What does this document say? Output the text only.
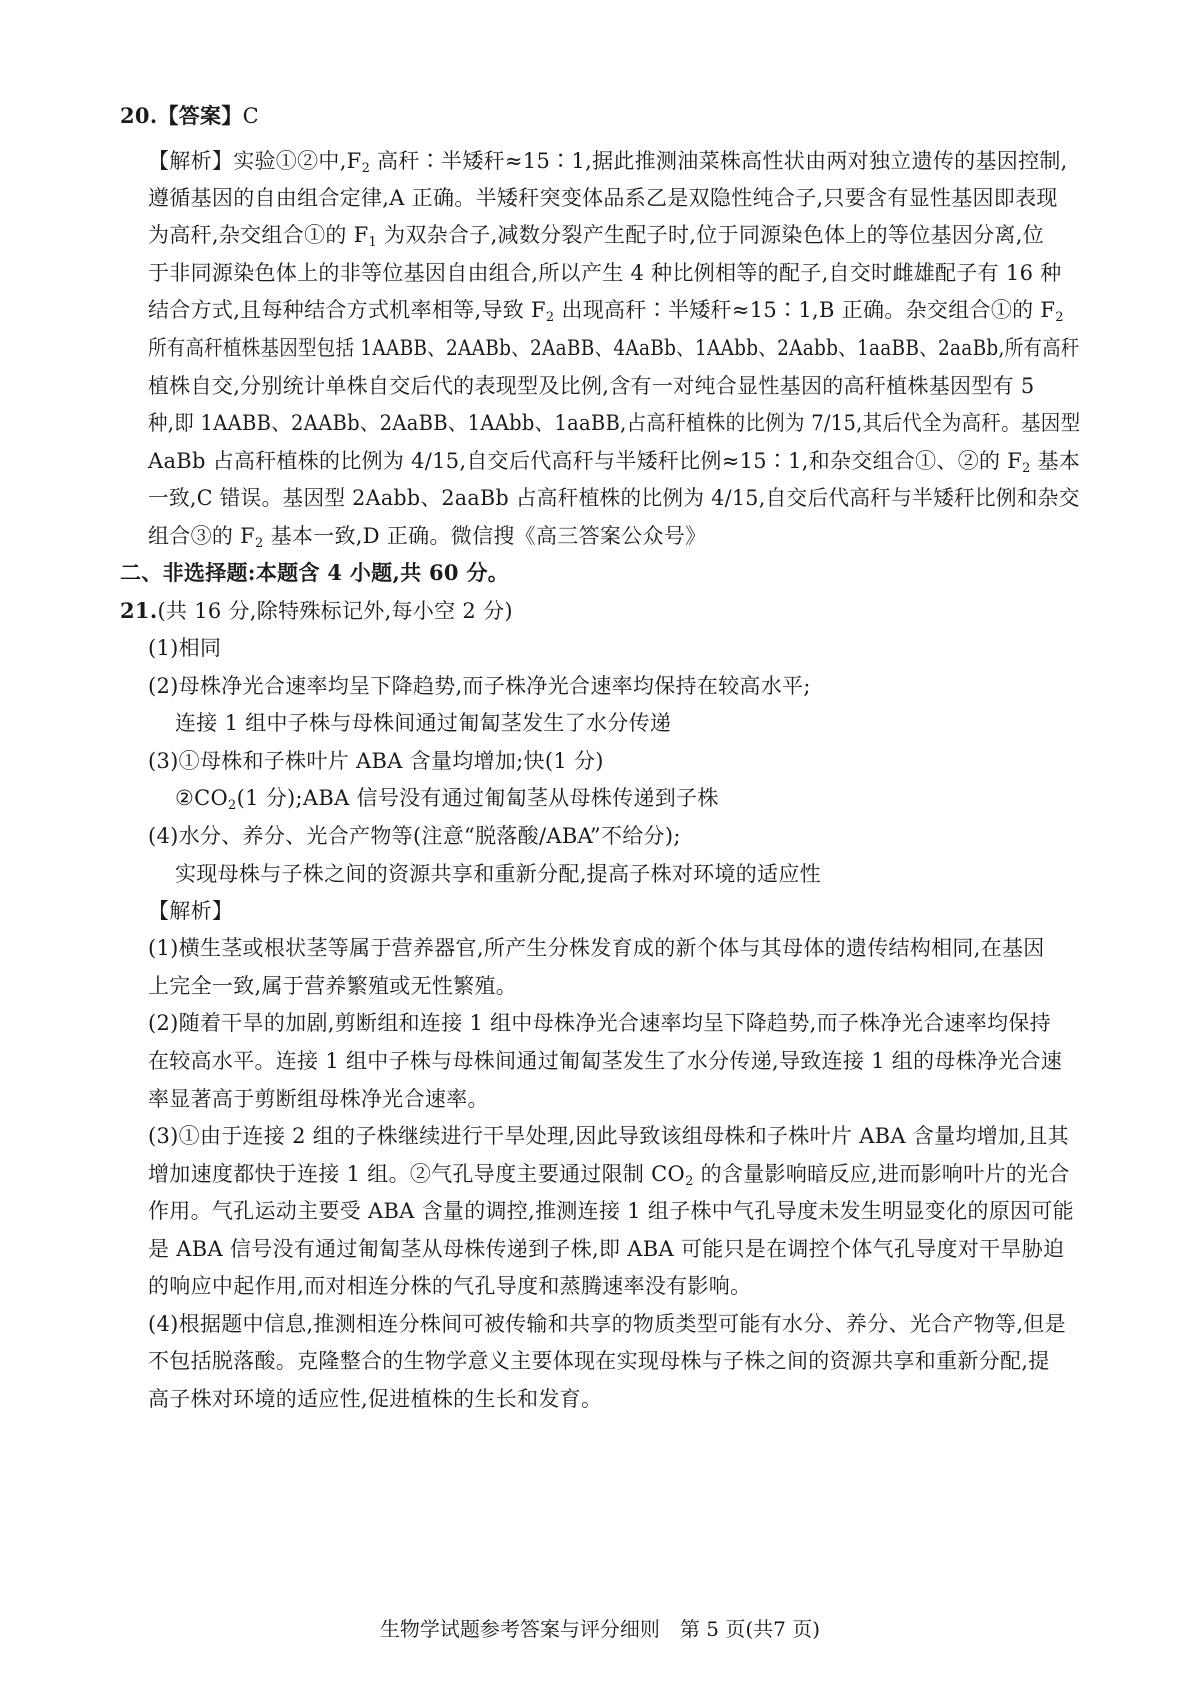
20.【答案】C
【解析】实验①②中$,F_2$ 高秆∶半矮秆≈15∶1,据此推测油菜株高性状由两对独立遗传的基因控制,
遵循基因的自由组合定律,A 正确。半矮秆突变体品系乙是双隐性纯合子,只要含有显性基因即表现
为高秆,杂交组合①的 $F_1$ 为双杂合子,减数分裂产生配子时,位于同源染色体上的等位基因分离,位
于非同源染色体上的非等位基因自由组合,所以产生 4 种比例相等的配子,自交时雌雄配子有 16 种
结合方式,且每种结合方式机率相等,导致 $F_2$ 出现高秆∶半矮秆≈15∶1,B 正确。杂交组合①的 $F_2$
所有高秆植株基因型包括 1AABB、2AABb、2AaBB、4AaBb、1AAbb、2Aabb、1aaBB、2aaBb,所有高秆
植株自交,分别统计单株自交后代的表现型及比例,含有一对纯合显性基因的高秆植株基因型有 5
种,即 1AABB、2AABb、2AaBB、1AAbb、1aaBB,占高秆植株的比例为 7/15,其后代全为高秆。基因型
AaBb 占高秆植株的比例为 4/15,自交后代高秆与半矮秆比例≈15∶1,和杂交组合①、②的 $F_2$ 基本
一致,C 错误。基因型 2Aabb、2aaBb 占高秆植株的比例为 4/15,自交后代高秆与半矮秆比例和杂交
组合③的 $F_2$ 基本一致,D 正确。微信搜《高三答案公众号》
二、非选择题:本题含 4 小题,共 60 分。
21.(共 16 分,除特殊标记外,每小空 2 分)
(1)相同
(2)母株净光合速率均呈下降趋势,而子株净光合速率均保持在较高水平;
连接 1 组中子株与母株间通过匍匐茎发生了水分传递
(3)①母株和子株叶片 ABA 含量均增加;快(1 分)
$②CO_2(1$ 分);ABA 信号没有通过匍匐茎从母株传递到子株
(4)水分、养分、光合产物等(注意“脱落酸/ABA”不给分);
实现母株与子株之间的资源共享和重新分配,提高子株对环境的适应性
【解析】
(1)横生茎或根状茎等属于营养器官,所产生分株发育成的新个体与其母体的遗传结构相同,在基因
上完全一致,属于营养繁殖或无性繁殖。
(2)随着干旱的加剧,剪断组和连接 1 组中母株净光合速率均呈下降趋势,而子株净光合速率均保持
在较高水平。连接 1 组中子株与母株间通过匍匐茎发生了水分传递,导致连接 1 组的母株净光合速
率显著高于剪断组母株净光合速率。
(3)①由于连接 2 组的子株继续进行干旱处理,因此导致该组母株和子株叶片 ABA 含量均增加,且其
增加速度都快于连接 1 组。②气孔导度主要通过限制 $CO_2$ 的含量影响暗反应,进而影响叶片的光合
作用。气孔运动主要受 ABA 含量的调控,推测连接 1 组子株中气孔导度未发生明显变化的原因可能
是 ABA 信号没有通过匍匐茎从母株传递到子株,即 ABA 可能只是在调控个体气孔导度对干旱胁迫
的响应中起作用,而对相连分株的气孔导度和蒸腾速率没有影响。
(4)根据题中信息,推测相连分株间可被传输和共享的物质类型可能有水分、养分、光合产物等,但是
不包括脱落酸。克隆整合的生物学意义主要体现在实现母株与子株之间的资源共享和重新分配,提
高子株对环境的适应性,促进植株的生长和发育。
生物学试题参考答案与评分细则　第 5 页(共7 页)
